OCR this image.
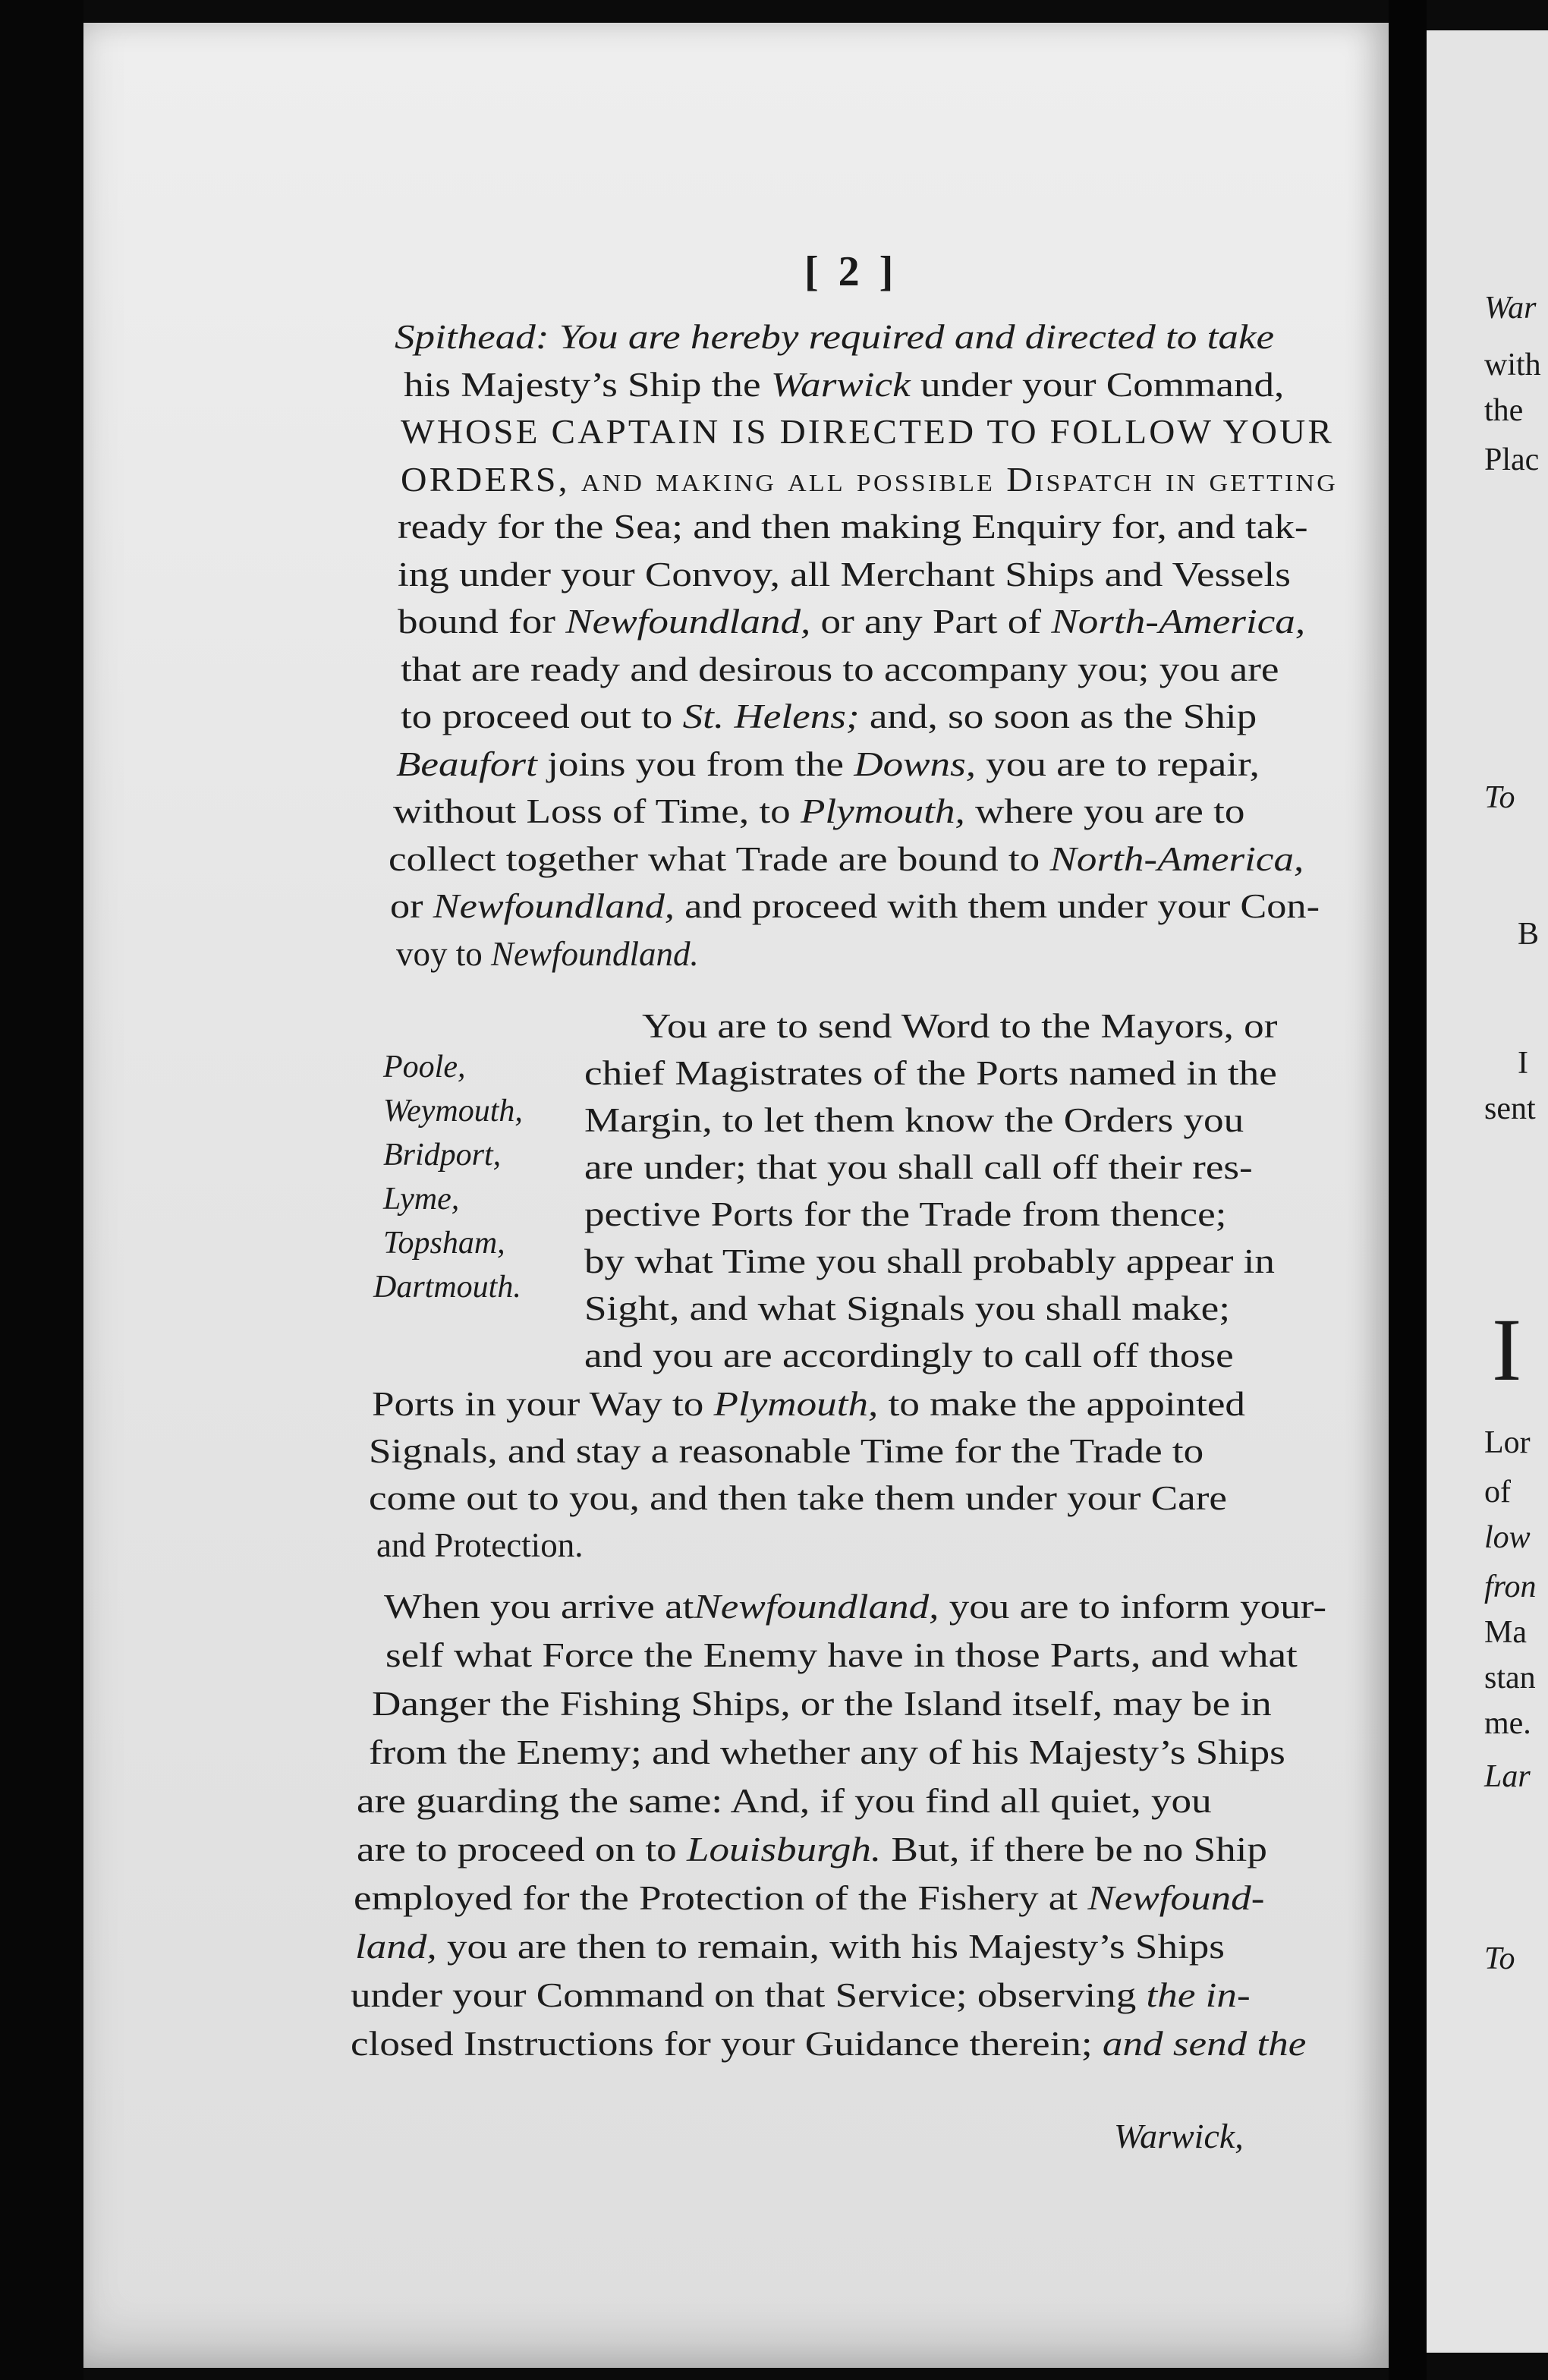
[ 2 ]
Spithead: You are hereby required and directed to take
his Majesty’s Ship the Warwick under your Command,
WHOSE CAPTAIN IS DIRECTED TO FOLLOW YOUR
ORDERS, and making all possible Dispatch in getting
ready for the Sea; and then making Enquiry for, and tak-
ing under your Convoy, all Merchant Ships and Vessels
bound for Newfoundland, or any Part of North-America,
that are ready and desirous to accompany you; you are
to proceed out to St. Helens; and, so soon as the Ship
Beaufort joins you from the Downs, you are to repair,
without Loss of Time, to Plymouth, where you are to
collect together what Trade are bound to North-America,
or Newfoundland, and proceed with them under your Con-
voy to Newfoundland.
Poole,
Weymouth,
Bridport,
Lyme,
Topsham,
Dartmouth.
You are to send Word to the Mayors, or
chief Magistrates of the Ports named in the
Margin, to let them know the Orders you
are under; that you shall call off their res-
pective Ports for the Trade from thence;
by what Time you shall probably appear in
Sight, and what Signals you shall make;
and you are accordingly to call off those
Ports in your Way to Plymouth, to make the appointed
Signals, and stay a reasonable Time for the Trade to
come out to you, and then take them under your Care
and Protection.
When you arrive atNewfoundland, you are to inform your-
self what Force the Enemy have in those Parts, and what
Danger the Fishing Ships, or the Island itself, may be in
from the Enemy; and whether any of his Majesty’s Ships
are guarding the same: And, if you find all quiet, you
are to proceed on to Louisburgh. But, if there be no Ship
employed for the Protection of the Fishery at Newfound-
land, you are then to remain, with his Majesty’s Ships
under your Command on that Service; observing the in-
closed Instructions for your Guidance therein; and send the
Warwick,
War
with
the
Plac
To
B
I
sent
I
Lor
of
low
fron
Ma
stan
me.
Lar
To
